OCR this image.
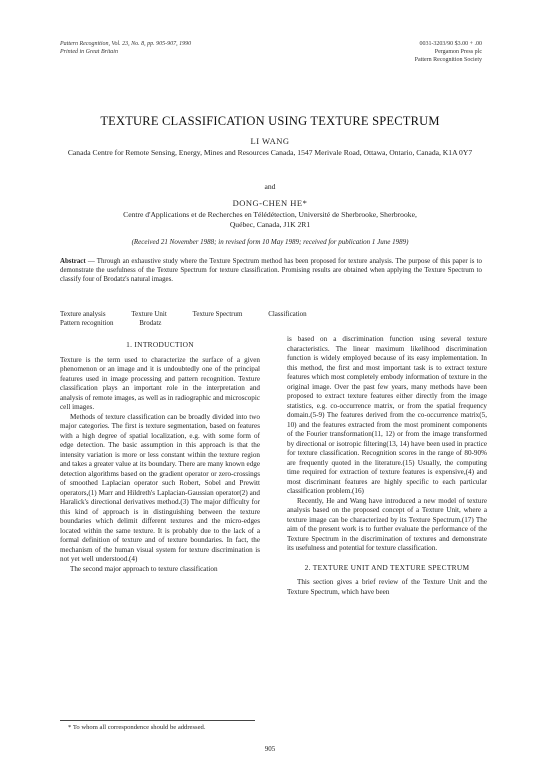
Pattern Recognition, Vol. 23, No. 8, pp. 905-907, 1990
Printed in Great Britain
0031-3203/90 $3.00 + .00
Pergamon Press plc
Pattern Recognition Society
TEXTURE CLASSIFICATION USING TEXTURE SPECTRUM
LI WANG
Canada Centre for Remote Sensing, Energy, Mines and Resources Canada, 1547 Merivale Road, Ottawa, Ontario, Canada, K1A 0Y7
and
DONG-CHEN HE*
Centre d'Applications et de Recherches en Télédétection, Université de Sherbrooke, Sherbrooke,
Québec, Canada, J1K 2R1
(Received 21 November 1988; in revised form 10 May 1989; received for publication 1 June 1989)
Abstract — Through an exhaustive study where the Texture Spectrum method has been proposed for texture analysis. The purpose of this paper is to demonstrate the usefulness of the Texture Spectrum for texture classification. Promising results are obtained when applying the Texture Spectrum to classify four of Brodatz's natural images.
Texture analysis	Texture Unit	Texture Spectrum	Classification
Pattern recognition	Brodatz
1. INTRODUCTION

Texture is the term used to characterize the surface of a given phenomenon or an image and it is undoubtedly one of the principal features used in image processing and pattern recognition. Texture classification plays an important role in the interpretation and analysis of remote images, as well as in radiographic and microscopic cell images.

Methods of texture classification can be broadly divided into two major categories. The first is texture segmentation, based on features with a high degree of spatial localization, e.g. with some form of edge detection. The basic assumption in this approach is that the intensity variation is more or less constant within the texture region and takes a greater value at its boundary. There are many known edge detection algorithms based on the gradient operator or zero-crossings of smoothed Laplacian operator such Robert, Sobel and Prewitt operators,(1) Marr and Hildreth's Laplacian-Gaussian operator(2) and Haralick's directional derivatives method.(3) The major difficulty for this kind of approach is in distinguishing between the texture boundaries which delimit different textures and the micro-edges located within the same texture. It is probably due to the lack of a formal definition of texture and of texture boundaries. In fact, the mechanism of the human visual system for texture discrimination is not yet well understood.(4)

The second major approach to texture classification

is based on a discrimination function using several texture characteristics. The linear maximum likelihood discrimination function is widely employed because of its easy implementation. In this method, the first and most important task is to extract texture features which most completely embody information of texture in the original image. Over the past few years, many methods have been proposed to extract texture features either directly from the image statistics, e.g. co-occurrence matrix, or from the spatial frequency domain.(5-9) The features derived from the co-occurrence matrix(5, 10) and the features extracted from the most prominent components of the Fourier transformation(11, 12) or from the image transformed by directional or isotropic filtering(13, 14) have been used in practice for texture classification. Recognition scores in the range of 80-90% are frequently quoted in the literature.(15) Usually, the computing time required for extraction of texture features is expensive,(4) and most discriminant features are highly specific to each particular classification problem.(16)

Recently, He and Wang have introduced a new model of texture analysis based on the proposed concept of a Texture Unit, where a texture image can be characterized by its Texture Spectrum.(17) The aim of the present work is to further evaluate the performance of the Texture Spectrum in the discrimination of textures and demonstrate its usefulness and potential for texture classification.

2. TEXTURE UNIT AND TEXTURE SPECTRUM

This section gives a brief review of the Texture Unit and the Texture Spectrum, which have been

* To whom all correspondence should be addressed.
905
